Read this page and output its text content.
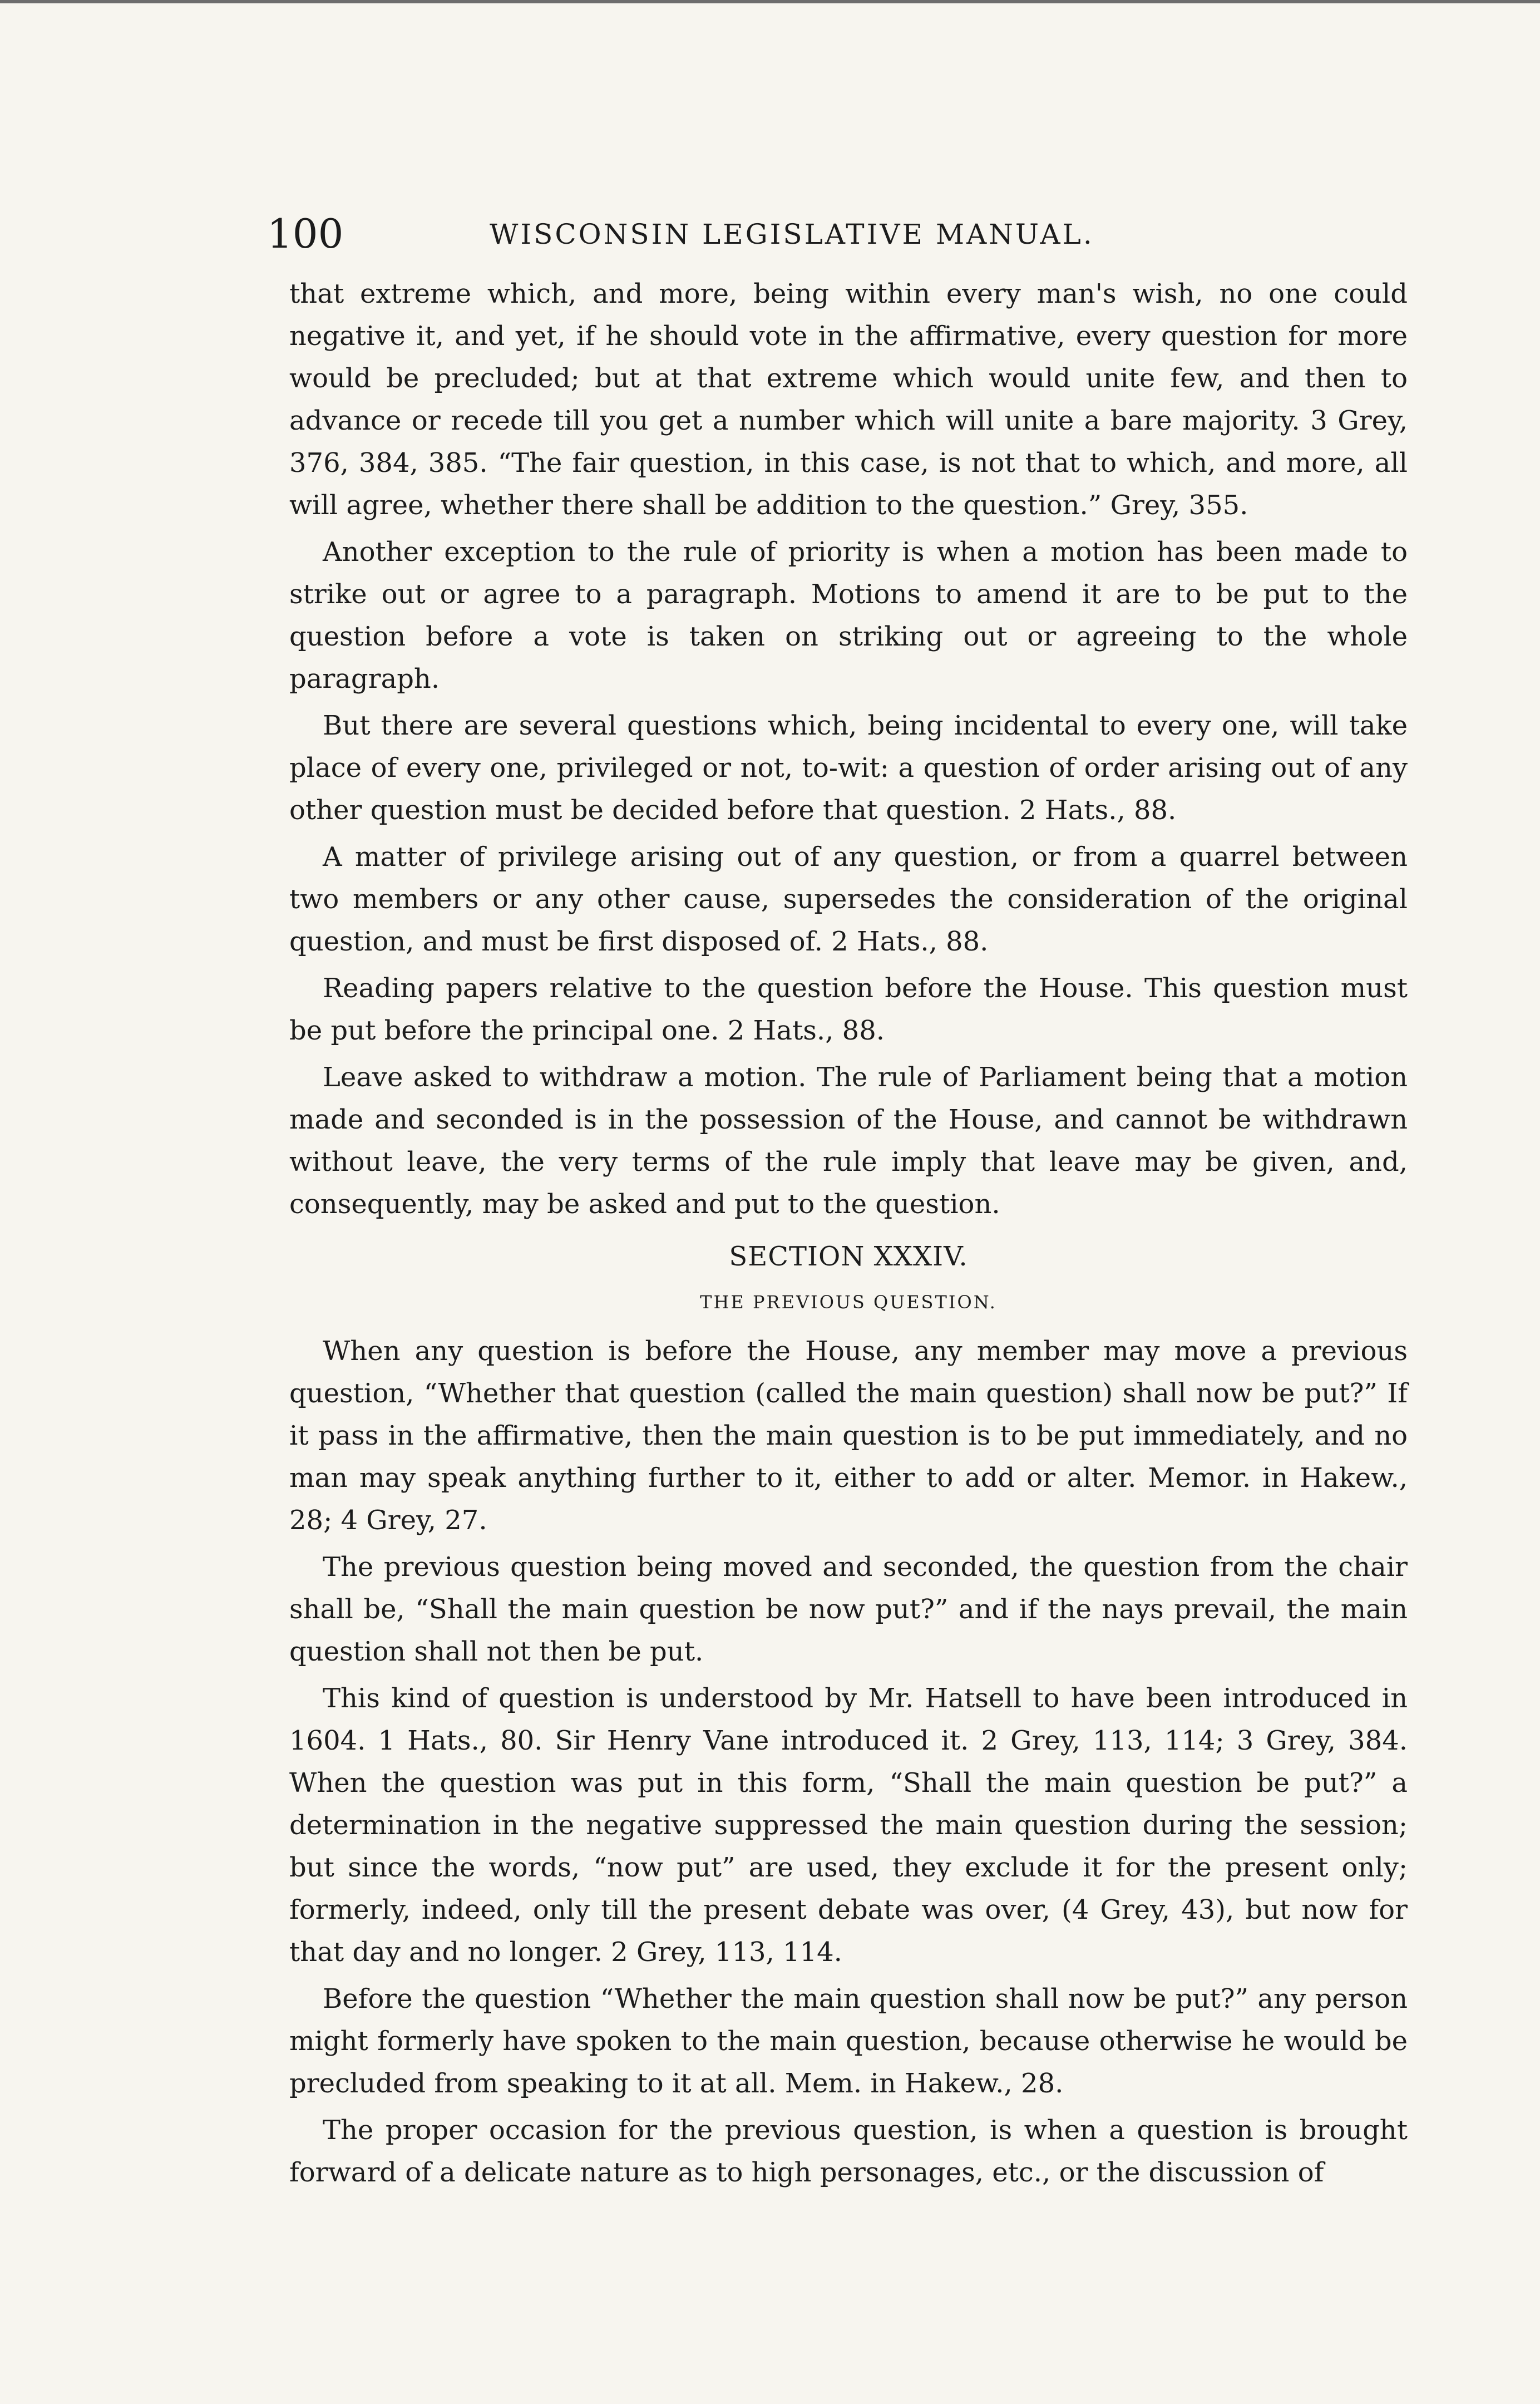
100	WISCONSIN LEGISLATIVE MANUAL.

that extreme which, and more, being within every man's wish, no one could negative it, and yet, if he should vote in the affirmative, every question for more would be precluded; but at that extreme which would unite few, and then to advance or recede till you get a number which will unite a bare majority. 3 Grey, 376, 384, 385. “The fair question, in this case, is not that to which, and more, all will agree, whether there shall be addition to the question.” Grey, 355.

Another exception to the rule of priority is when a motion has been made to strike out or agree to a paragraph. Motions to amend it are to be put to the question before a vote is taken on striking out or agreeing to the whole paragraph.

But there are several questions which, being incidental to every one, will take place of every one, privileged or not, to-wit: a question of order arising out of any other question must be decided before that question. 2 Hats., 88.

A matter of privilege arising out of any question, or from a quarrel between two members or any other cause, supersedes the consideration of the original question, and must be first disposed of. 2 Hats., 88.

Reading papers relative to the question before the House. This question must be put before the principal one. 2 Hats., 88.

Leave asked to withdraw a motion. The rule of Parliament being that a motion made and seconded is in the possession of the House, and cannot be withdrawn without leave, the very terms of the rule imply that leave may be given, and, consequently, may be asked and put to the question.

SECTION XXXIV.
THE PREVIOUS QUESTION.

When any question is before the House, any member may move a previous question, “Whether that question (called the main question) shall now be put?” If it pass in the affirmative, then the main question is to be put immediately, and no man may speak anything further to it, either to add or alter. Memor. in Hakew., 28; 4 Grey, 27.

The previous question being moved and seconded, the question from the chair shall be, “Shall the main question be now put?” and if the nays prevail, the main question shall not then be put.

This kind of question is understood by Mr. Hatsell to have been introduced in 1604. 1 Hats., 80. Sir Henry Vane introduced it. 2 Grey, 113, 114; 3 Grey, 384. When the question was put in this form, “Shall the main question be put?” a determination in the negative suppressed the main question during the session; but since the words, “now put” are used, they exclude it for the present only; formerly, indeed, only till the present debate was over, (4 Grey, 43), but now for that day and no longer. 2 Grey, 113, 114.

Before the question “Whether the main question shall now be put?” any person might formerly have spoken to the main question, because otherwise he would be precluded from speaking to it at all. Mem. in Hakew., 28.

The proper occasion for the previous question, is when a question is brought forward of a delicate nature as to high personages, etc., or the discussion of
